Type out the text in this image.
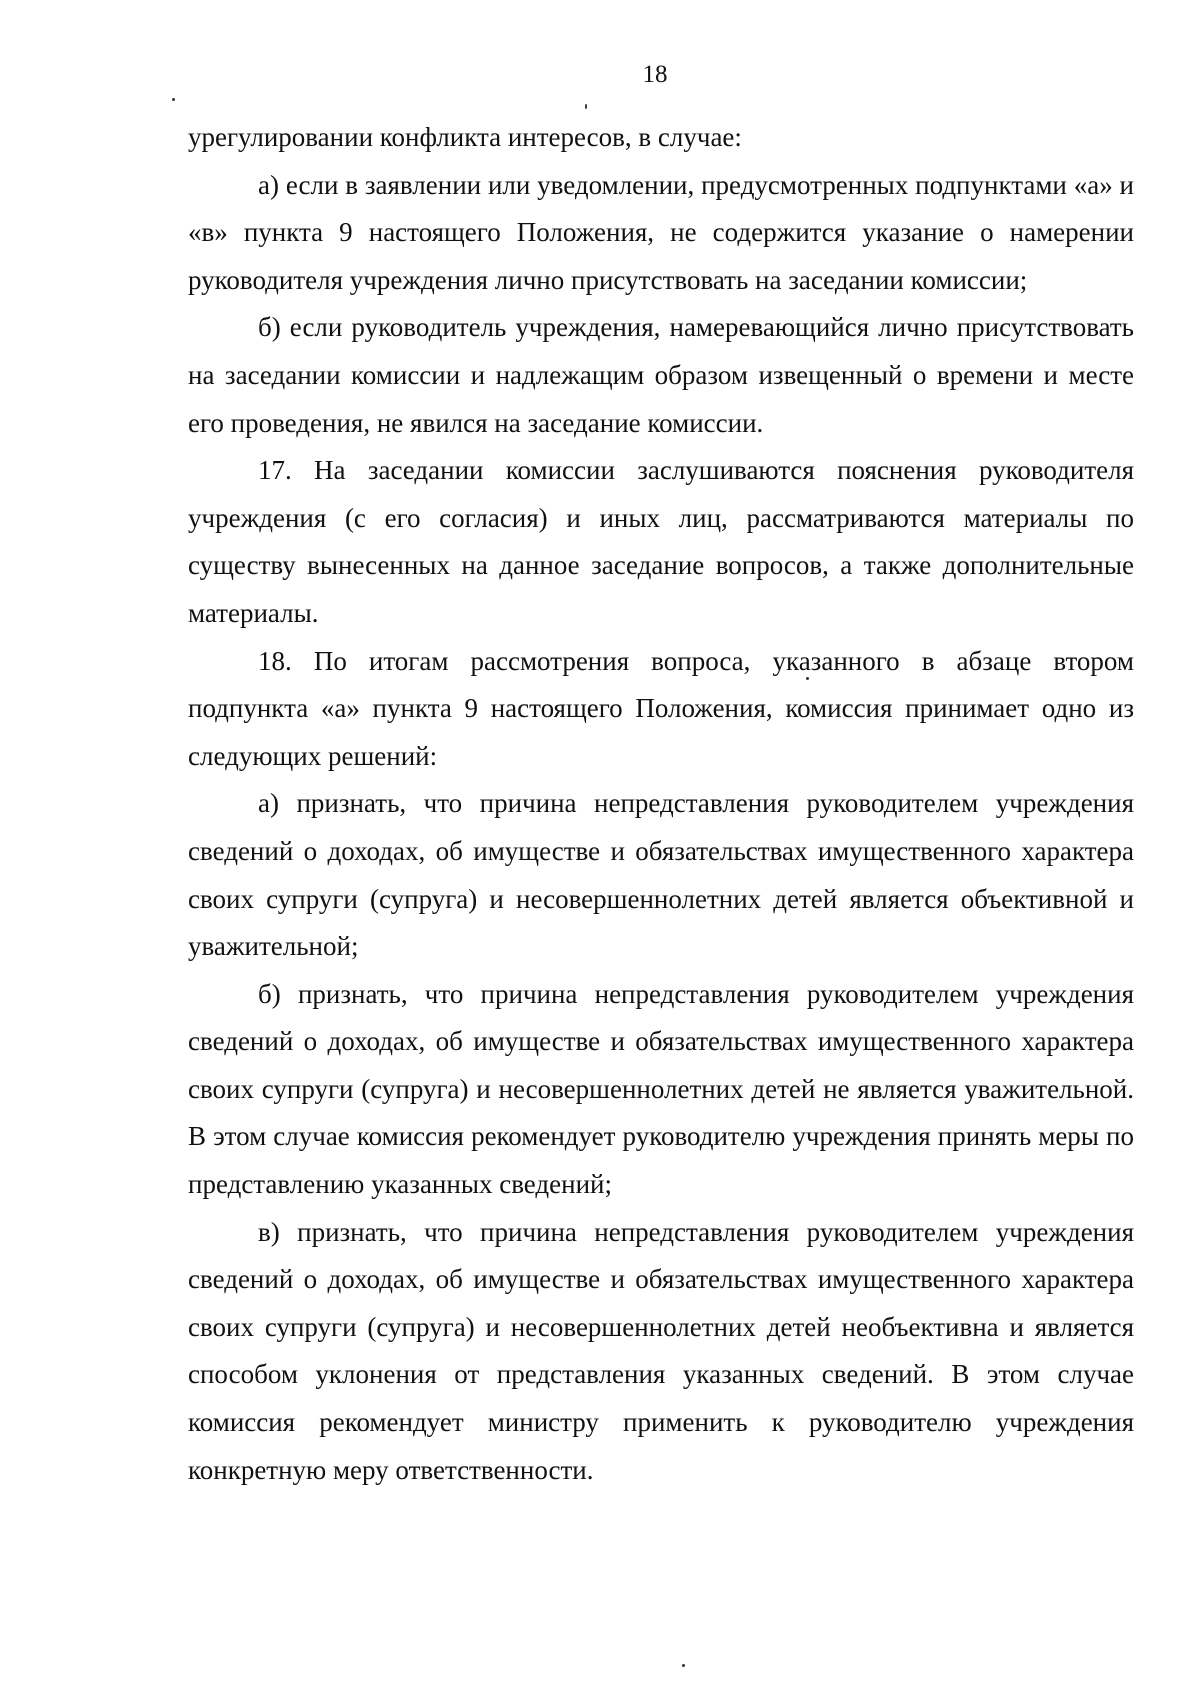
18

урегулировании конфликта интересов, в случае:

а) если в заявлении или уведомлении, предусмотренных подпунктами «а» и «в» пункта 9 настоящего Положения, не содержится указание о намерении руководителя учреждения лично присутствовать на заседании комиссии;

б) если руководитель учреждения, намеревающийся лично присутствовать на заседании комиссии и надлежащим образом извещенный о времени и месте его проведения, не явился на заседание комиссии.

17. На заседании комиссии заслушиваются пояснения руководителя учреждения (с его согласия) и иных лиц, рассматриваются материалы по существу вынесенных на данное заседание вопросов, а также дополнительные материалы.

18. По итогам рассмотрения вопроса, указанного в абзаце втором подпункта «а» пункта 9 настоящего Положения, комиссия принимает одно из следующих решений:

а) признать, что причина непредставления руководителем учреждения сведений о доходах, об имуществе и обязательствах имущественного характера своих супруги (супруга) и несовершеннолетних детей является объективной и уважительной;

б) признать, что причина непредставления руководителем учреждения сведений о доходах, об имуществе и обязательствах имущественного характера своих супруги (супруга) и несовершеннолетних детей не является уважительной. В этом случае комиссия рекомендует руководителю учреждения принять меры по представлению указанных сведений;

в) признать, что причина непредставления руководителем учреждения сведений о доходах, об имуществе и обязательствах имущественного характера своих супруги (супруга) и несовершеннолетних детей необъективна и является способом уклонения от представления указанных сведений. В этом случае комиссия рекомендует министру применить к руководителю учреждения конкретную меру ответственности.
